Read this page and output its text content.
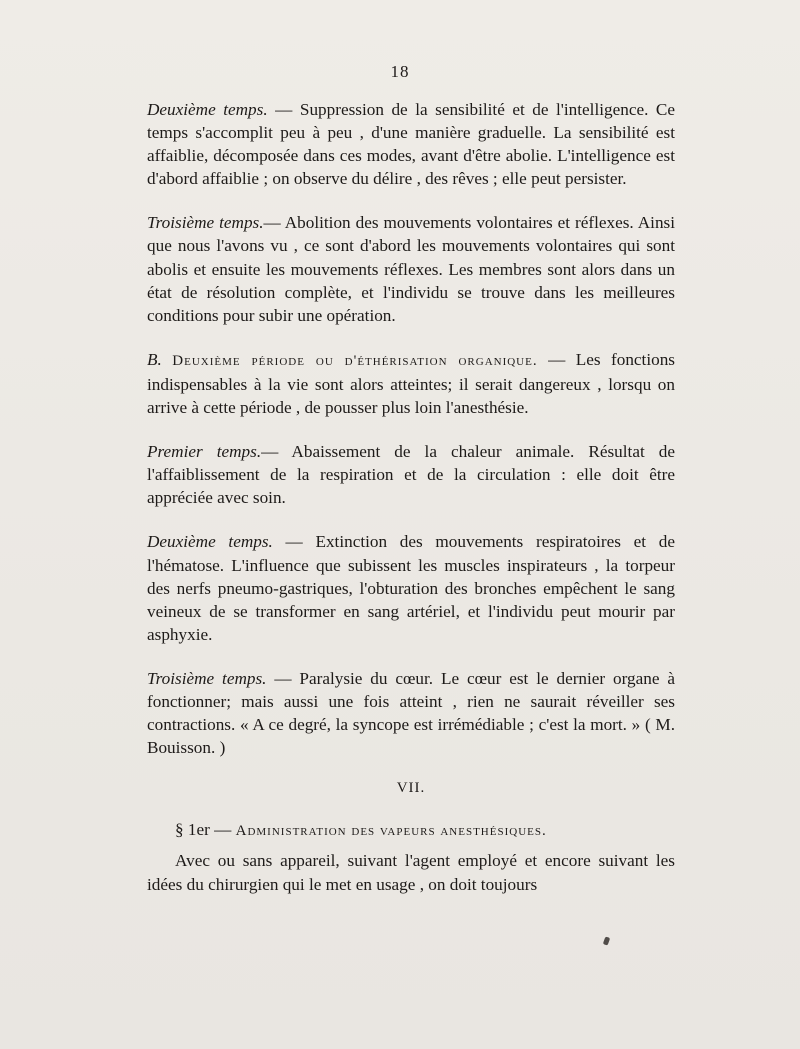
18

Deuxième temps. — Suppression de la sensibilité et de l'intelligence. Ce temps s'accomplit peu à peu , d'une manière graduelle. La sensibilité est affaiblie, décomposée dans ces modes, avant d'être abolie. L'intelligence est d'abord affaiblie ; on observe du délire , des rêves ; elle peut persister.

Troisième temps.— Abolition des mouvements volontaires et réflexes. Ainsi que nous l'avons vu , ce sont d'abord les mouvements volontaires qui sont abolis et ensuite les mouvements réflexes. Les membres sont alors dans un état de résolution complète, et l'individu se trouve dans les meilleures conditions pour subir une opération.

B. Deuxième période ou d'éthérisation organique. — Les fonctions indispensables à la vie sont alors atteintes; il serait dangereux , lorsqu on arrive à cette période , de pousser plus loin l'anesthésie.

Premier temps.— Abaissement de la chaleur animale. Résultat de l'affaiblissement de la respiration et de la circulation : elle doit être appréciée avec soin.

Deuxième temps. — Extinction des mouvements respiratoires et de l'hématose. L'influence que subissent les muscles inspirateurs , la torpeur des nerfs pneumo-gastriques, l'obturation des bronches empêchent le sang veineux de se transformer en sang artériel, et l'individu peut mourir par asphyxie.

Troisième temps. — Paralysie du cœur. Le cœur est le dernier organe à fonctionner; mais aussi une fois atteint , rien ne saurait réveiller ses contractions. « A ce degré, la syncope est irrémédiable ; c'est la mort. » ( M. Bouisson. )

VII.

§ 1er — Administration des vapeurs anesthésiques.

Avec ou sans appareil, suivant l'agent employé et encore suivant les idées du chirurgien qui le met en usage , on doit toujours
